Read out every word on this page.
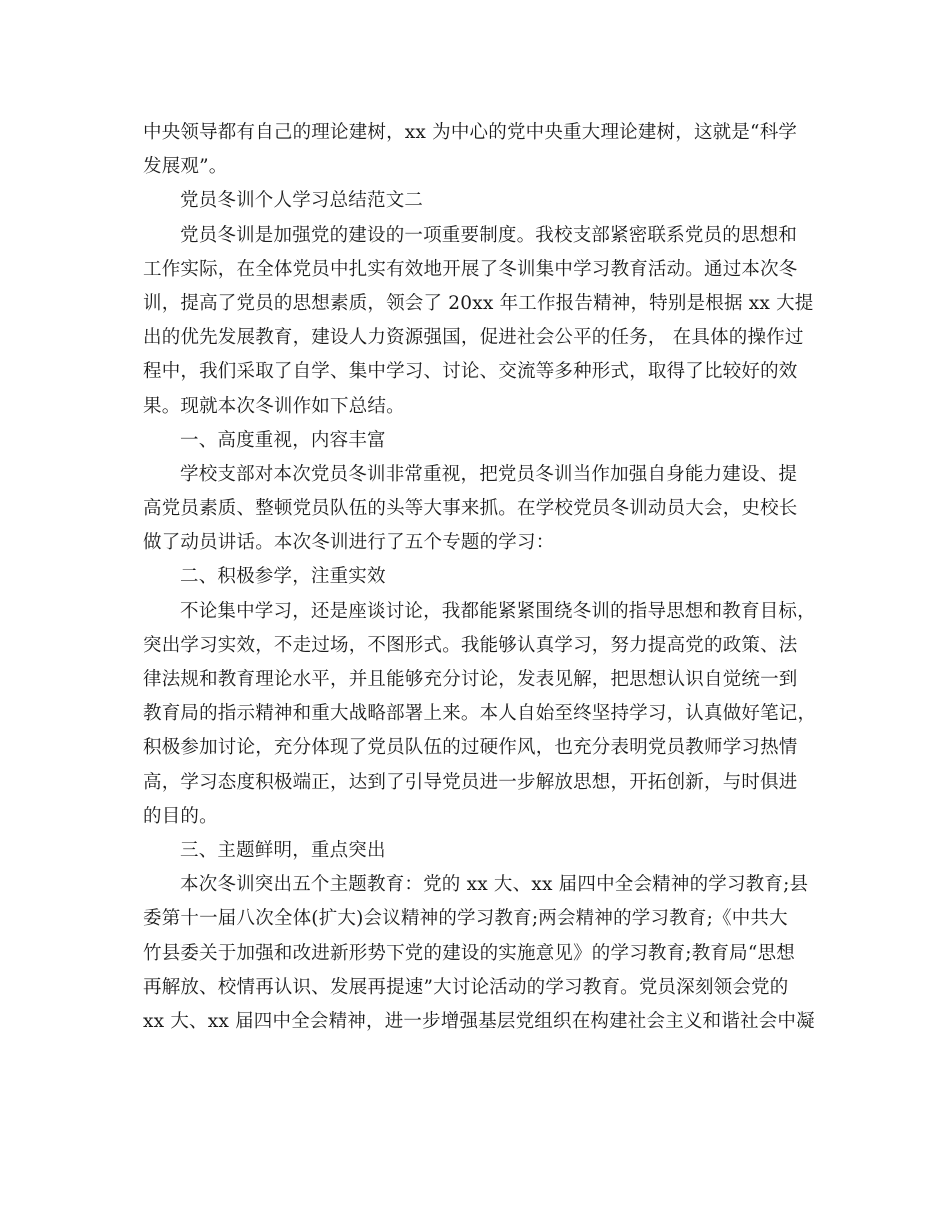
中央领导都有自己的理论建树，xx 为中心的党中央重大理论建树，这就是“科学
发展观”。
党员冬训个人学习总结范文二
党员冬训是加强党的建设的一项重要制度。我校支部紧密联系党员的思想和
工作实际，在全体党员中扎实有效地开展了冬训集中学习教育活动。通过本次冬
训，提高了党员的思想素质，领会了 20xx 年工作报告精神，特别是根据 xx 大提
出的优先发展教育，建设人力资源强国，促进社会公平的任务， 在具体的操作过
程中，我们采取了自学、集中学习、讨论、交流等多种形式，取得了比较好的效
果。现就本次冬训作如下总结。
一、高度重视，内容丰富
学校支部对本次党员冬训非常重视，把党员冬训当作加强自身能力建设、提
高党员素质、整顿党员队伍的头等大事来抓。在学校党员冬训动员大会，史校长
做了动员讲话。本次冬训进行了五个专题的学习：
二、积极参学，注重实效
不论集中学习，还是座谈讨论，我都能紧紧围绕冬训的指导思想和教育目标，
突出学习实效，不走过场，不图形式。我能够认真学习，努力提高党的政策、法
律法规和教育理论水平，并且能够充分讨论，发表见解，把思想认识自觉统一到
教育局的指示精神和重大战略部署上来。本人自始至终坚持学习，认真做好笔记，
积极参加讨论，充分体现了党员队伍的过硬作风，也充分表明党员教师学习热情
高，学习态度积极端正，达到了引导党员进一步解放思想，开拓创新，与时俱进
的目的。
三、主题鲜明，重点突出
本次冬训突出五个主题教育：党的 xx 大、xx 届四中全会精神的学习教育;县
委第十一届八次全体(扩大)会议精神的学习教育;两会精神的学习教育;《中共大
竹县委关于加强和改进新形势下党的建设的实施意见》的学习教育;教育局“思想
再解放、校情再认识、发展再提速”大讨论活动的学习教育。党员深刻领会党的
xx 大、xx 届四中全会精神，进一步增强基层党组织在构建社会主义和谐社会中凝
